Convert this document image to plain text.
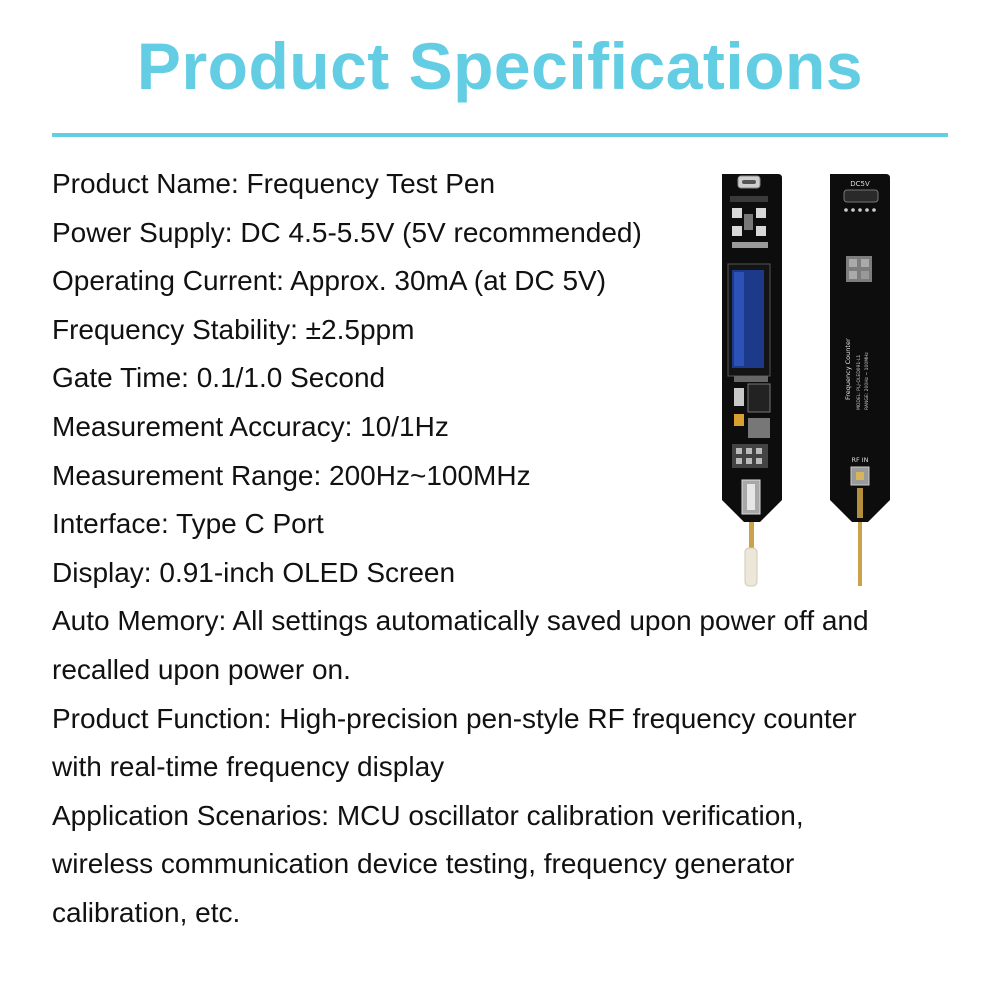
Product Specifications
Product Name: Frequency Test Pen
Power Supply: DC 4.5-5.5V (5V recommended)
Operating Current: Approx. 30mA (at DC 5V)
Frequency Stability: ±2.5ppm
Gate Time: 0.1/1.0 Second
Measurement Accuracy: 10/1Hz
Measurement Range: 200Hz~100MHz
Interface: Type C Port
Display: 0.91-inch OLED Screen
Auto Memory: All settings automatically saved upon power off and
recalled upon power on.
Product Function: High-precision pen-style RF frequency counter
with real-time frequency display
Application Scenarios: MCU oscillator calibration verification,
wireless communication device testing, frequency generator
calibration, etc.
DC5V
Frequency Counter MODEL: PLJ-OLED091-L1 RANGE: 200Hz ~ 100MHz
RF IN
